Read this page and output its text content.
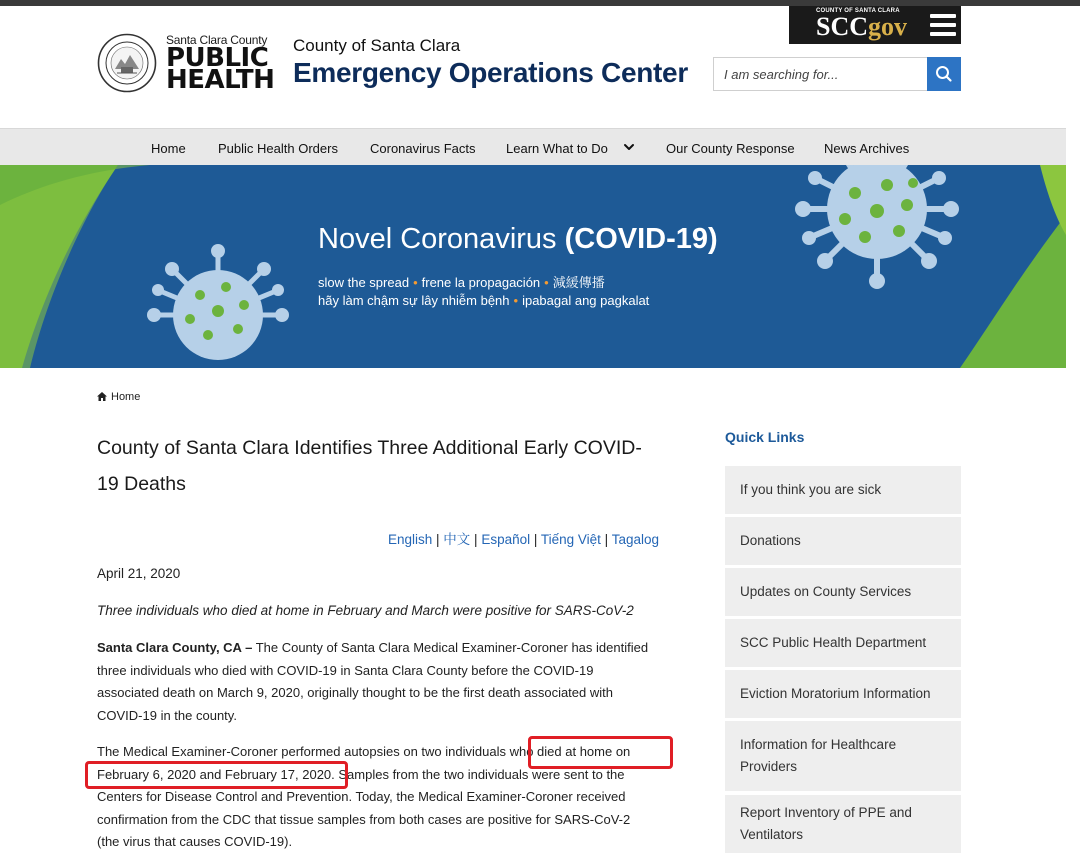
Santa Clara County
PUBLIC
HEALTH
County of Santa Clara
Emergency Operations Center
COUNTY OF SANTA CLARA
SCCgov
I am searching for...
Home Public Health Orders Coronavirus Facts Learn What to Do	Our County Response News Archives
Novel Coronavirus (COVID-19)
slow the spread • frene la propagación • 減緩傳播
hãy làm chậm sự lây nhiễm bệnh • ipabagal ang pagkalat
Home
County of Santa Clara Identifies Three Additional Early COVID-19 Deaths
English | 中文 | Español | Tiếng Việt | Tagalog
April 21, 2020
Three individuals who died at home in February and March were positive for SARS-CoV-2
Santa Clara County, CA – The County of Santa Clara Medical Examiner-Coroner has identified
three individuals who died with COVID-19 in Santa Clara County before the COVID-19
associated death on March 9, 2020, originally thought to be the first death associated with
COVID-19 in the county.
The Medical Examiner-Coroner performed autopsies on two individuals who died at home on
February 6, 2020 and February 17, 2020. Samples from the two individuals were sent to the
Centers for Disease Control and Prevention. Today, the Medical Examiner-Coroner received
confirmation from the CDC that tissue samples from both cases are positive for SARS-CoV-2
(the virus that causes COVID-19).
Quick Links
If you think you are sick
Donations
Updates on County Services
SCC Public Health Department
Eviction Moratorium Information
Information for Healthcare Providers
Report Inventory of PPE and Ventilators
